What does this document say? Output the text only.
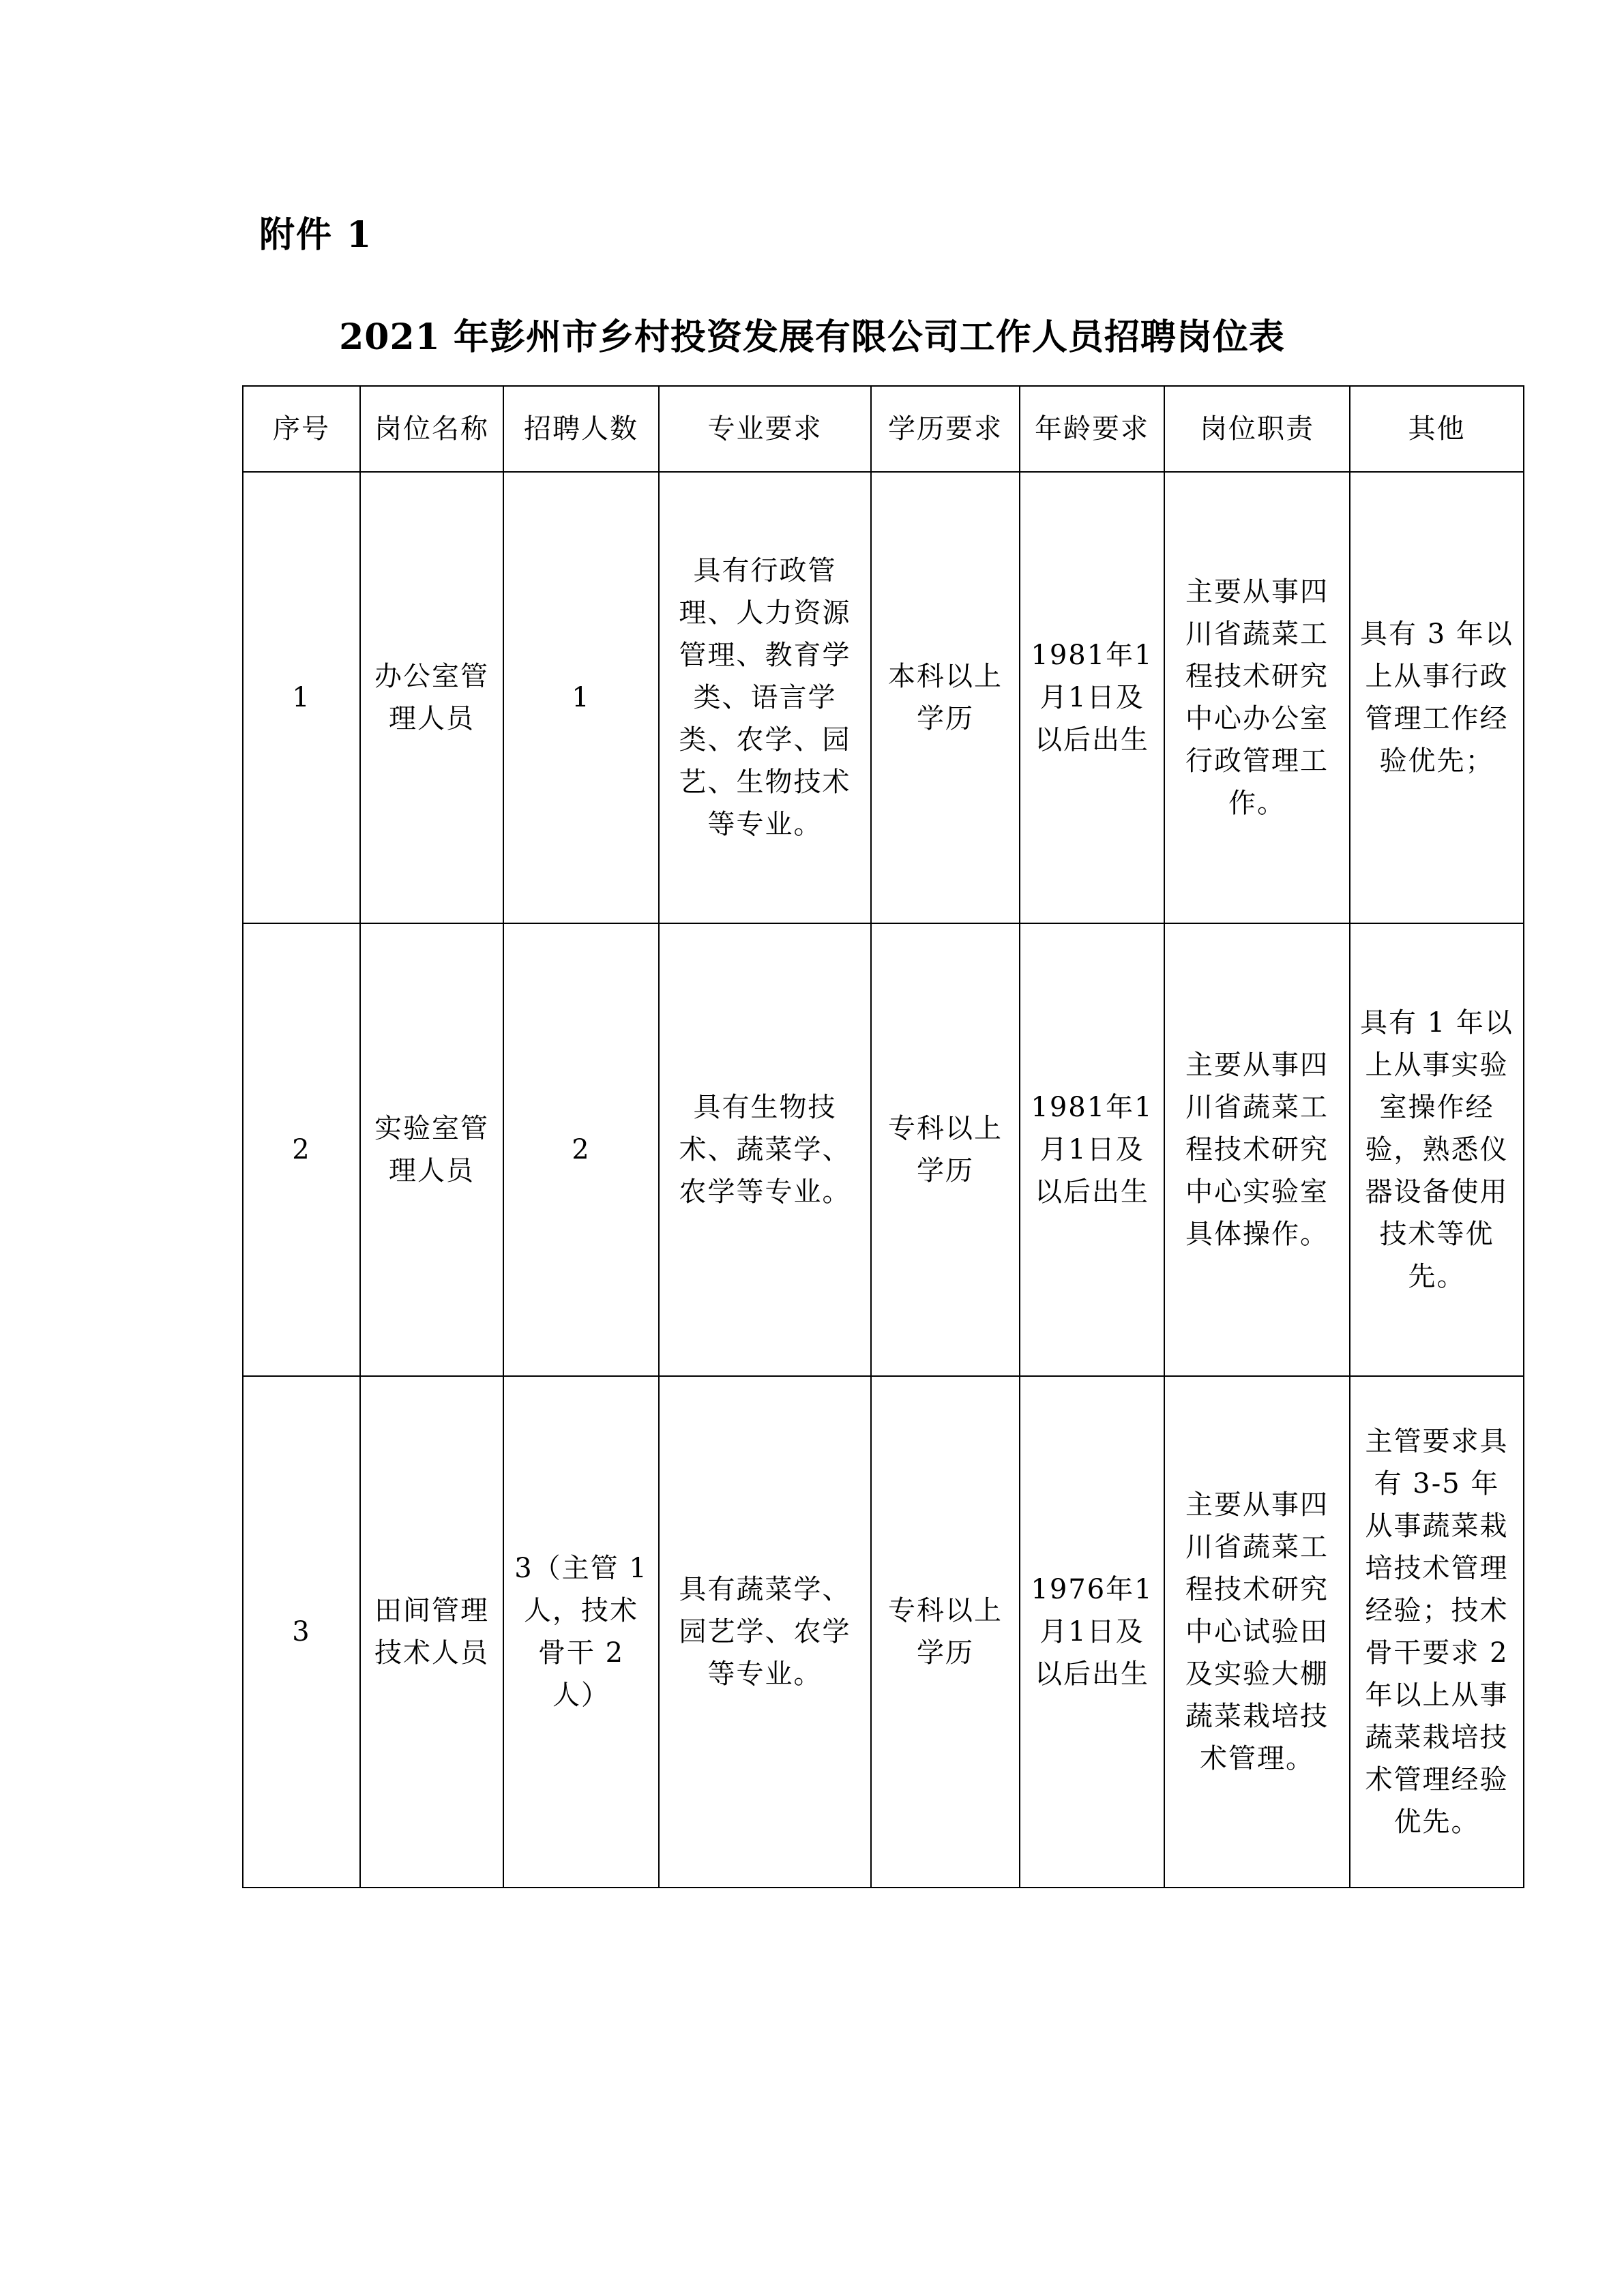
附件 1
2021 年彭州市乡村投资发展有限公司工作人员招聘岗位表
序号	岗位名称	招聘人数	专业要求	学历要求	年龄要求	岗位职责	其他
1	办公室管理人员	1	具有行政管理、人力资源管理、教育学类、语言学类、农学、园艺、生物技术等专业。	本科以上学历	1981年1月1日及以后出生	主要从事四川省蔬菜工程技术研究中心办公室行政管理工作。	具有 3 年以上从事行政管理工作经验优先；
2	实验室管理人员	2	具有生物技术、蔬菜学、农学等专业。	专科以上学历	1981年1月1日及以后出生	主要从事四川省蔬菜工程技术研究中心实验室具体操作。	具有 1 年以上从事实验室操作经验，熟悉仪器设备使用技术等优先。
3	田间管理技术人员	3（主管 1 人，技术骨干 2 人）	具有蔬菜学、园艺学、农学等专业。	专科以上学历	1976年1月1日及以后出生	主要从事四川省蔬菜工程技术研究中心试验田及实验大棚蔬菜栽培技术管理。	主管要求具有 3-5 年从事蔬菜栽培技术管理经验；技术骨干要求 2 年以上从事蔬菜栽培技术管理经验优先。
